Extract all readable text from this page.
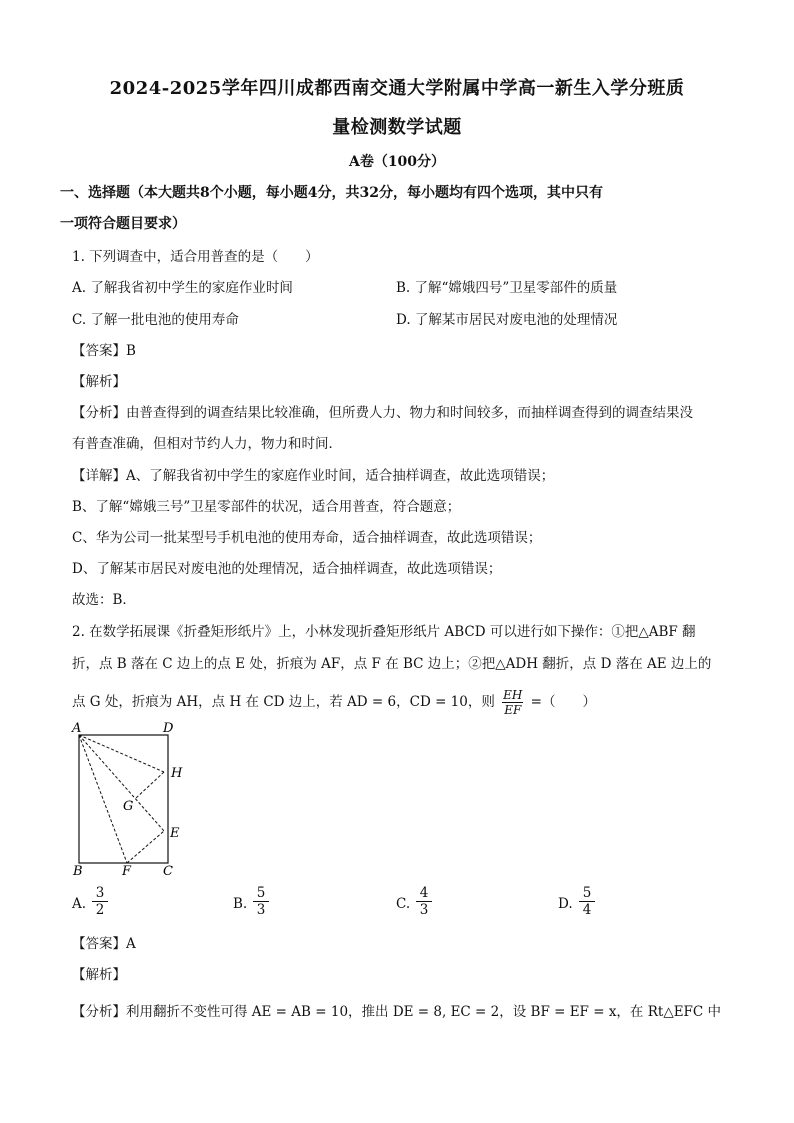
2024-2025学年四川成都西南交通大学附属中学高一新生入学分班质
量检测数学试题
A卷（100分）
一、选择题（本大题共8个小题，每小题4分，共32分，每小题均有四个选项，其中只有
一项符合题目要求）
1. 下列调查中，适合用普查的是（　　）
A. 了解我省初中学生的家庭作业时间	B. 了解“嫦娥四号”卫星零部件的质量
C. 了解一批电池的使用寿命	D. 了解某市居民对废电池的处理情况
【答案】B
【解析】
【分析】由普查得到的调查结果比较准确，但所费人力、物力和时间较多，而抽样调查得到的调查结果没
有普查准确，但相对节约人力，物力和时间．
【详解】A、了解我省初中学生的家庭作业时间，适合抽样调查，故此选项错误；
B、了解“嫦娥三号”卫星零部件的状况，适合用普查，符合题意；
C、华为公司一批某型号手机电池的使用寿命，适合抽样调查，故此选项错误；
D、了解某市居民对废电池的处理情况，适合抽样调查，故此选项错误；
故选：B．
2. 在数学拓展课《折叠矩形纸片》上，小林发现折叠矩形纸片 ABCD 可以进行如下操作：①把△ABF 翻
折，点 B 落在 C 边上的点 E 处，折痕为 AF，点 F 在 BC 边上；②把△ADH 翻折，点 D 落在 AE 边上的
点 G 处，折痕为 AH，点 H 在 CD 边上，若 AD = 6，CD = 10，则 $\frac{EH}{EF}$ =（　　）
A	D
H
G
E
B	F C
A. $\frac{3}{2}$	B. $\frac{5}{3}$	C. $\frac{4}{3}$	D. $\frac{5}{4}$
【答案】A
【解析】
【分析】利用翻折不变性可得 AE = AB = 10，推出 DE = 8, EC = 2，设 BF = EF = x，在 Rt△EFC 中
